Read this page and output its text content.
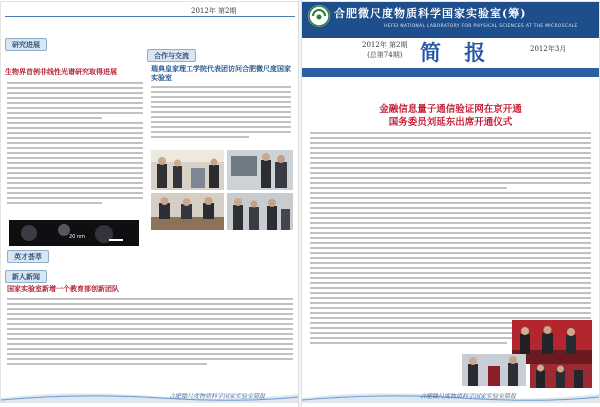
2012年 第2期
研究进展
生物界首例非线性光谱研究取得进展
合作与交流
瑞典皇家理工学院代表团访问合肥微尺度国家实验室
20 nm
英才荟萃
新人新闻
国家实验室新增一个教育部创新团队
合肥微尺度物质科学国家实验室简报
合肥微尺度物质科学国家实验室(筹)
HEFEI NATIONAL LABORATORY FOR PHYSICAL SCIENCES AT THE MICROSCALE
2012年 第2期
(总第74期) 简 报	2012年3月
金融信息量子通信验证网在京开通
国务委员刘延东出席开通仪式
合肥微尺度物质科学国家实验室简报
